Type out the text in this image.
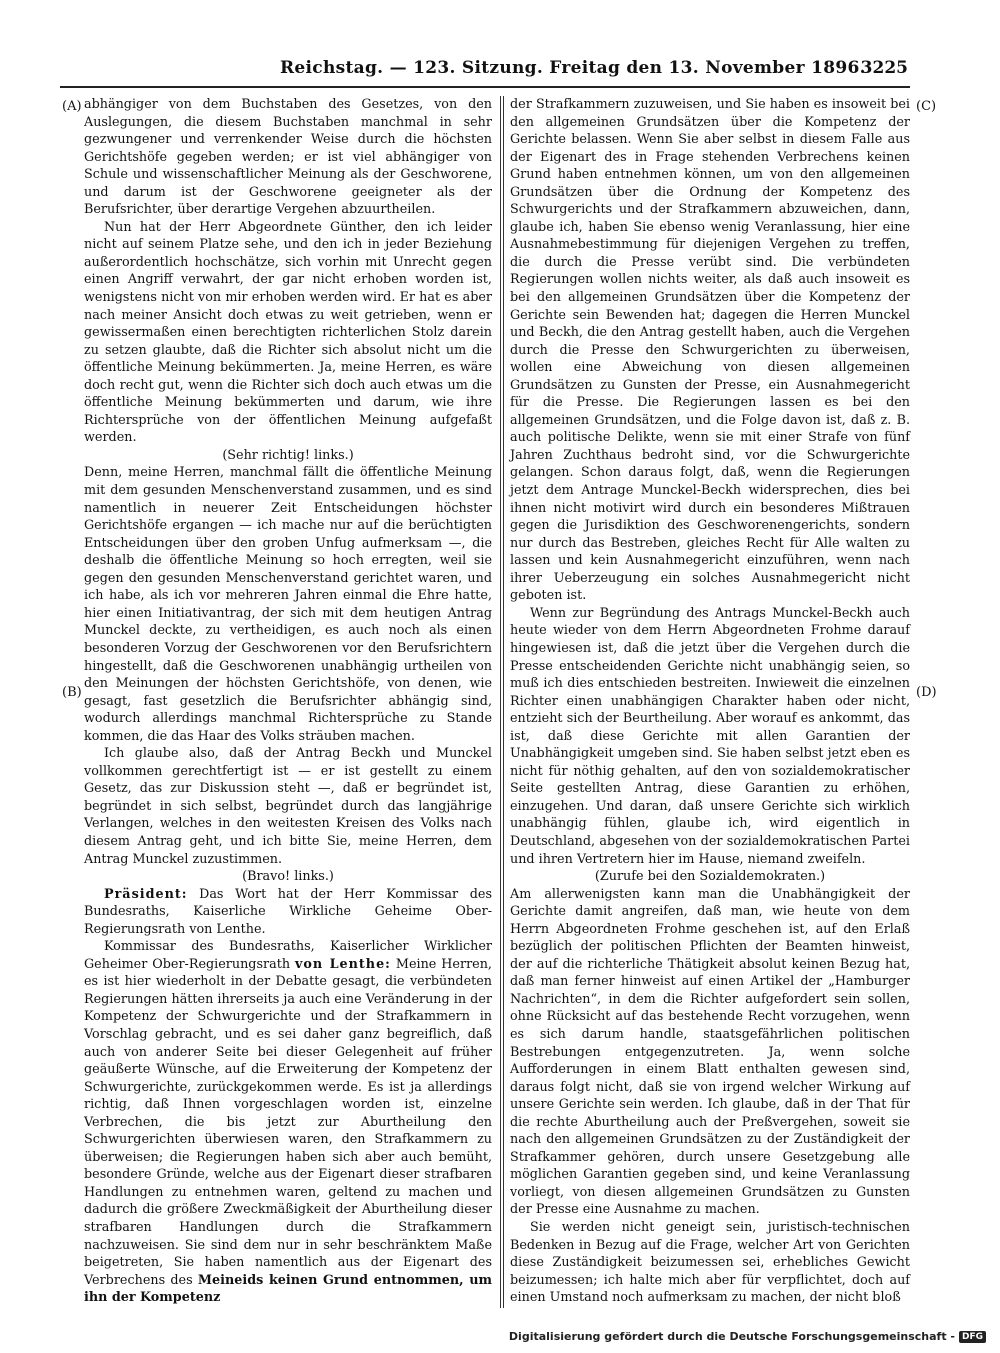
Reichstag. — 123. Sitzung. Freitag den 13. November 1896.
3225
(A)
(B)
(C)
(D)

abhängiger von dem Buchstaben des Gesetzes, von den Auslegungen, die diesem Buchstaben manchmal in sehr gezwungener und verrenkender Weise durch die höchsten Gerichtshöfe gegeben werden; er ist viel abhängiger von Schule und wissenschaftlicher Meinung als der Geschworene, und darum ist der Geschworene geeigneter als der Berufsrichter, über derartige Vergehen abzuurtheilen.

Nun hat der Herr Abgeordnete Günther, den ich leider nicht auf seinem Platze sehe, und den ich in jeder Beziehung außerordentlich hochschätze, sich vorhin mit Unrecht gegen einen Angriff verwahrt, der gar nicht erhoben worden ist, wenigstens nicht von mir erhoben werden wird. Er hat es aber nach meiner Ansicht doch etwas zu weit getrieben, wenn er gewissermaßen einen berechtigten richterlichen Stolz darein zu setzen glaubte, daß die Richter sich absolut nicht um die öffentliche Meinung bekümmerten. Ja, meine Herren, es wäre doch recht gut, wenn die Richter sich doch auch etwas um die öffentliche Meinung bekümmerten und darum, wie ihre Richtersprüche von der öffentlichen Meinung aufgefaßt werden.

(Sehr richtig! links.)

Denn, meine Herren, manchmal fällt die öffentliche Meinung mit dem gesunden Menschenverstand zusammen, und es sind namentlich in neuerer Zeit Entscheidungen höchster Gerichtshöfe ergangen — ich mache nur auf die berüchtigten Entscheidungen über den groben Unfug aufmerksam —, die deshalb die öffentliche Meinung so hoch erregten, weil sie gegen den gesunden Menschenverstand gerichtet waren, und ich habe, als ich vor mehreren Jahren einmal die Ehre hatte, hier einen Initiativantrag, der sich mit dem heutigen Antrag Munckel deckte, zu vertheidigen, es auch noch als einen besonderen Vorzug der Geschworenen vor den Berufsrichtern hingestellt, daß die Geschworenen unabhängig urtheilen von den Meinungen der höchsten Gerichtshöfe, von denen, wie gesagt, fast gesetzlich die Berufsrichter abhängig sind, wodurch allerdings manchmal Richtersprüche zu Stande kommen, die das Haar des Volks sträuben machen.

Ich glaube also, daß der Antrag Beckh und Munckel vollkommen gerechtfertigt ist — er ist gestellt zu einem Gesetz, das zur Diskussion steht —, daß er begründet ist, begründet in sich selbst, begründet durch das langjährige Verlangen, welches in den weitesten Kreisen des Volks nach diesem Antrag geht, und ich bitte Sie, meine Herren, dem Antrag Munckel zuzustimmen.

(Bravo! links.)

Präsident: Das Wort hat der Herr Kommissar des Bundesraths, Kaiserliche Wirkliche Geheime Ober-Regierungsrath von Lenthe.

Kommissar des Bundesraths, Kaiserlicher Wirklicher Geheimer Ober-Regierungsrath von Lenthe: Meine Herren, es ist hier wiederholt in der Debatte gesagt, die verbündeten Regierungen hätten ihrerseits ja auch eine Veränderung in der Kompetenz der Schwurgerichte und der Strafkammern in Vorschlag gebracht, und es sei daher ganz begreiflich, daß auch von anderer Seite bei dieser Gelegenheit auf früher geäußerte Wünsche, auf die Erweiterung der Kompetenz der Schwurgerichte, zurückgekommen werde. Es ist ja allerdings richtig, daß Ihnen vorgeschlagen worden ist, einzelne Verbrechen, die bis jetzt zur Aburtheilung den Schwurgerichten überwiesen waren, den Strafkammern zu überweisen; die Regierungen haben sich aber auch bemüht, besondere Gründe, welche aus der Eigenart dieser strafbaren Handlungen zu entnehmen waren, geltend zu machen und dadurch die größere Zweckmäßigkeit der Aburtheilung dieser strafbaren Handlungen durch die Strafkammern nachzuweisen. Sie sind dem nur in sehr beschränktem Maße beigetreten, Sie haben namentlich aus der Eigenart des Verbrechens des Meineids keinen Grund entnommen, um ihn der Kompetenz

der Strafkammern zuzuweisen, und Sie haben es insoweit bei den allgemeinen Grundsätzen über die Kompetenz der Gerichte belassen. Wenn Sie aber selbst in diesem Falle aus der Eigenart des in Frage stehenden Verbrechens keinen Grund haben entnehmen können, um von den allgemeinen Grundsätzen über die Ordnung der Kompetenz des Schwurgerichts und der Strafkammern abzuweichen, dann, glaube ich, haben Sie ebenso wenig Veranlassung, hier eine Ausnahmebestimmung für diejenigen Vergehen zu treffen, die durch die Presse verübt sind. Die verbündeten Regierungen wollen nichts weiter, als daß auch insoweit es bei den allgemeinen Grundsätzen über die Kompetenz der Gerichte sein Bewenden hat; dagegen die Herren Munckel und Beckh, die den Antrag gestellt haben, auch die Vergehen durch die Presse den Schwurgerichten zu überweisen, wollen eine Abweichung von diesen allgemeinen Grundsätzen zu Gunsten der Presse, ein Ausnahmegericht für die Presse. Die Regierungen lassen es bei den allgemeinen Grundsätzen, und die Folge davon ist, daß z. B. auch politische Delikte, wenn sie mit einer Strafe von fünf Jahren Zuchthaus bedroht sind, vor die Schwurgerichte gelangen. Schon daraus folgt, daß, wenn die Regierungen jetzt dem Antrage Munckel-Beckh widersprechen, dies bei ihnen nicht motivirt wird durch ein besonderes Mißtrauen gegen die Jurisdiktion des Geschworenengerichts, sondern nur durch das Bestreben, gleiches Recht für Alle walten zu lassen und kein Ausnahmegericht einzuführen, wenn nach ihrer Ueberzeugung ein solches Ausnahmegericht nicht geboten ist.

Wenn zur Begründung des Antrags Munckel-Beckh auch heute wieder von dem Herrn Abgeordneten Frohme darauf hingewiesen ist, daß die jetzt über die Vergehen durch die Presse entscheidenden Gerichte nicht unabhängig seien, so muß ich dies entschieden bestreiten. Inwieweit die einzelnen Richter einen unabhängigen Charakter haben oder nicht, entzieht sich der Beurtheilung. Aber worauf es ankommt, das ist, daß diese Gerichte mit allen Garantien der Unabhängigkeit umgeben sind. Sie haben selbst jetzt eben es nicht für nöthig gehalten, auf den von sozialdemokratischer Seite gestellten Antrag, diese Garantien zu erhöhen, einzugehen. Und daran, daß unsere Gerichte sich wirklich unabhängig fühlen, glaube ich, wird eigentlich in Deutschland, abgesehen von der sozialdemokratischen Partei und ihren Vertretern hier im Hause, niemand zweifeln.

(Zurufe bei den Sozialdemokraten.)

Am allerwenigsten kann man die Unabhängigkeit der Gerichte damit angreifen, daß man, wie heute von dem Herrn Abgeordneten Frohme geschehen ist, auf den Erlaß bezüglich der politischen Pflichten der Beamten hinweist, der auf die richterliche Thätigkeit absolut keinen Bezug hat, daß man ferner hinweist auf einen Artikel der „Hamburger Nachrichten“, in dem die Richter aufgefordert sein sollen, ohne Rücksicht auf das bestehende Recht vorzugehen, wenn es sich darum handle, staatsgefährlichen politischen Bestrebungen entgegenzutreten. Ja, wenn solche Aufforderungen in einem Blatt enthalten gewesen sind, daraus folgt nicht, daß sie von irgend welcher Wirkung auf unsere Gerichte sein werden. Ich glaube, daß in der That für die rechte Aburtheilung auch der Preßvergehen, soweit sie nach den allgemeinen Grundsätzen zu der Zuständigkeit der Strafkammer gehören, durch unsere Gesetzgebung alle möglichen Garantien gegeben sind, und keine Veranlassung vorliegt, von diesen allgemeinen Grundsätzen zu Gunsten der Presse eine Ausnahme zu machen.

Sie werden nicht geneigt sein, juristisch-technischen Bedenken in Bezug auf die Frage, welcher Art von Gerichten diese Zuständigkeit beizumessen sei, erhebliches Gewicht beizumessen; ich halte mich aber für verpflichtet, doch auf einen Umstand noch aufmerksam zu machen, der nicht bloß

Digitalisierung gefördert durch die Deutsche Forschungsgemeinschaft - DFG
